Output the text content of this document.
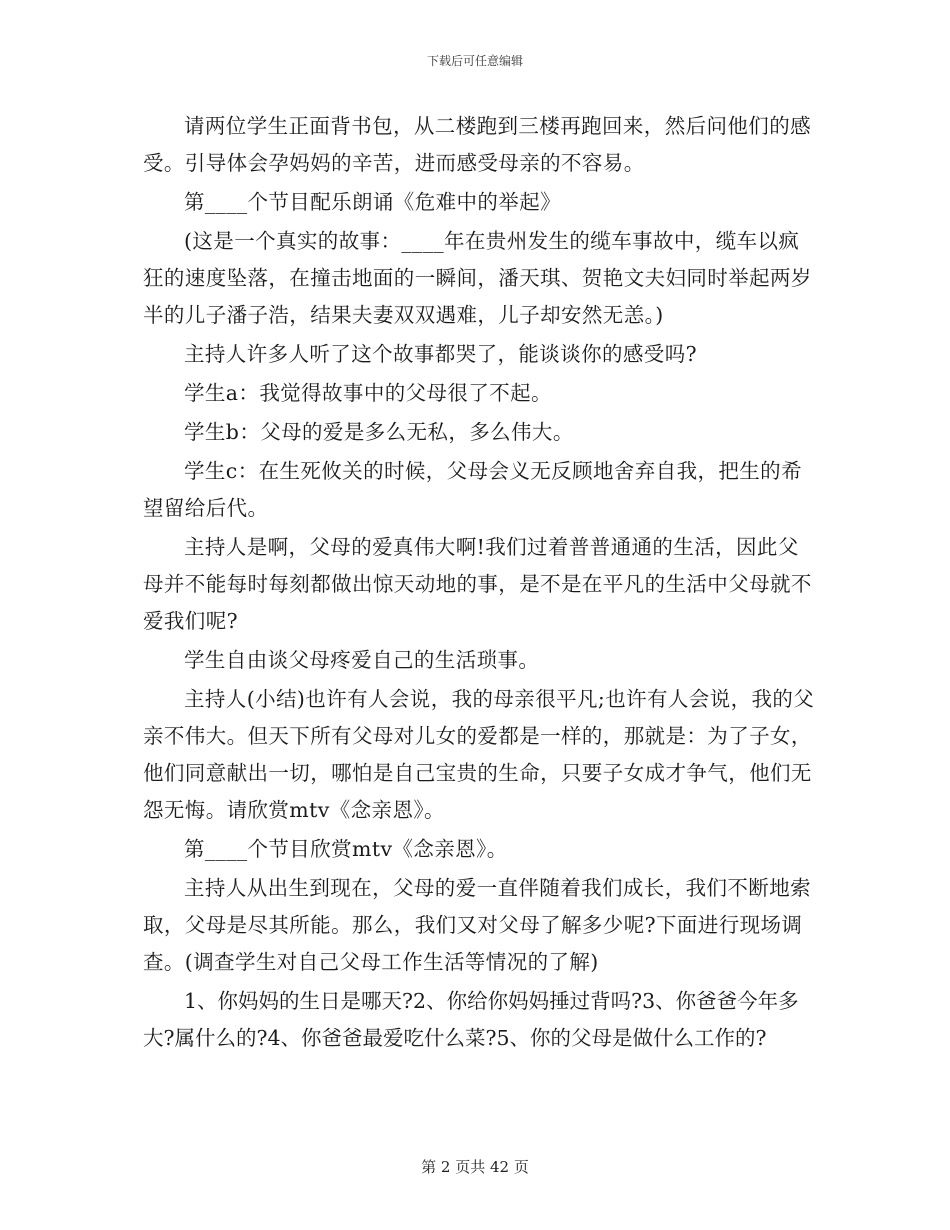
下载后可任意编辑

请两位学生正面背书包，从二楼跑到三楼再跑回来，然后问他们的感受。引导体会孕妈妈的辛苦，进而感受母亲的不容易。

第____个节目配乐朗诵《危难中的举起》

(这是一个真实的故事：____年在贵州发生的缆车事故中，缆车以疯狂的速度坠落，在撞击地面的一瞬间，潘天琪、贺艳文夫妇同时举起两岁半的儿子潘子浩，结果夫妻双双遇难，儿子却安然无恙。)

主持人许多人听了这个故事都哭了，能谈谈你的感受吗?

学生a：我觉得故事中的父母很了不起。

学生b：父母的爱是多么无私，多么伟大。

学生c：在生死攸关的时候，父母会义无反顾地舍弃自我，把生的希望留给后代。

主持人是啊，父母的爱真伟大啊!我们过着普普通通的生活，因此父母并不能每时每刻都做出惊天动地的事，是不是在平凡的生活中父母就不爱我们呢?

学生自由谈父母疼爱自己的生活琐事。

主持人(小结)也许有人会说，我的母亲很平凡;也许有人会说，我的父亲不伟大。但天下所有父母对儿女的爱都是一样的，那就是：为了子女，他们同意献出一切，哪怕是自己宝贵的生命，只要子女成才争气，他们无怨无悔。请欣赏mtv《念亲恩》。

第____个节目欣赏mtv《念亲恩》。

主持人从出生到现在，父母的爱一直伴随着我们成长，我们不断地索取，父母是尽其所能。那么，我们又对父母了解多少呢?下面进行现场调查。(调查学生对自己父母工作生活等情况的了解)

1、你妈妈的生日是哪天?2、你给你妈妈捶过背吗?3、你爸爸今年多大?属什么的?4、你爸爸最爱吃什么菜?5、你的父母是做什么工作的?

第 2 页共 42 页
